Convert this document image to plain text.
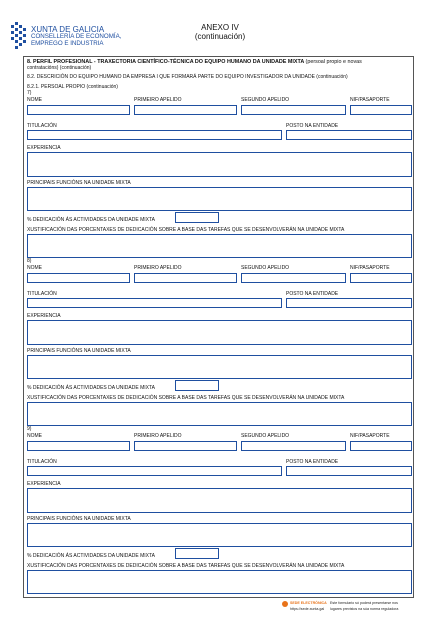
XUNTA DE GALICIA
CONSELLERÍA DE ECONOMÍA,
EMPREGO E INDUSTRIA
ANEXO IV
(continuación)
8. PERFIL PROFESIONAL - TRAXECTORIA CIENTÍFICO-TÉCNICA DO EQUIPO HUMANO DA UNIDADE MIXTA (persoal propio e novas
contratacións) (continuación)
8.2. DESCRICIÓN DO EQUIPO HUMANO DA EMPRESA I QUE FORMARÁ PARTE DO EQUIPO INVESTIGADOR DA UNIDADE (continuación)
8.2.1. PERSOAL PROPIO (continuación)
7)
NOME	PRIMEIRO APELIDO	SEGUNDO APELIDO	NIF/PASAPORTE
TITULACIÓN	POSTO NA ENTIDADE
EXPERIENCIA
PRINCIPAIS FUNCIÓNS NA UNIDADE MIXTA
% DEDICACIÓN ÁS ACTIVIDADES DA UNIDADE MIXTA
XUSTIFICACIÓN DAS PORCENTAXES DE DEDICACIÓN SOBRE A BASE DAS TAREFAS QUE SE DESENVOLVERÁN NA UNIDADE MIXTA
8)
NOME	PRIMEIRO APELIDO	SEGUNDO APELIDO	NIF/PASAPORTE
TITULACIÓN	POSTO NA ENTIDADE
EXPERIENCIA
PRINCIPAIS FUNCIÓNS NA UNIDADE MIXTA
% DEDICACIÓN ÁS ACTIVIDADES DA UNIDADE MIXTA
XUSTIFICACIÓN DAS PORCENTAXES DE DEDICACIÓN SOBRE A BASE DAS TAREFAS QUE SE DESENVOLVERÁN NA UNIDADE MIXTA
9)
NOME	PRIMEIRO APELIDO	SEGUNDO APELIDO	NIF/PASAPORTE
TITULACIÓN	POSTO NA ENTIDADE
EXPERIENCIA
PRINCIPAIS FUNCIÓNS NA UNIDADE MIXTA
% DEDICACIÓN ÁS ACTIVIDADES DA UNIDADE MIXTA
XUSTIFICACIÓN DAS PORCENTAXES DE DEDICACIÓN SOBRE A BASE DAS TAREFAS QUE SE DESENVOLVERÁN NA UNIDADE MIXTA
SEDE ELECTRÓNICA Este formulario só poderá presentarse nos
https://sede.xunta.gal lugares previstos na súa norma reguladora
